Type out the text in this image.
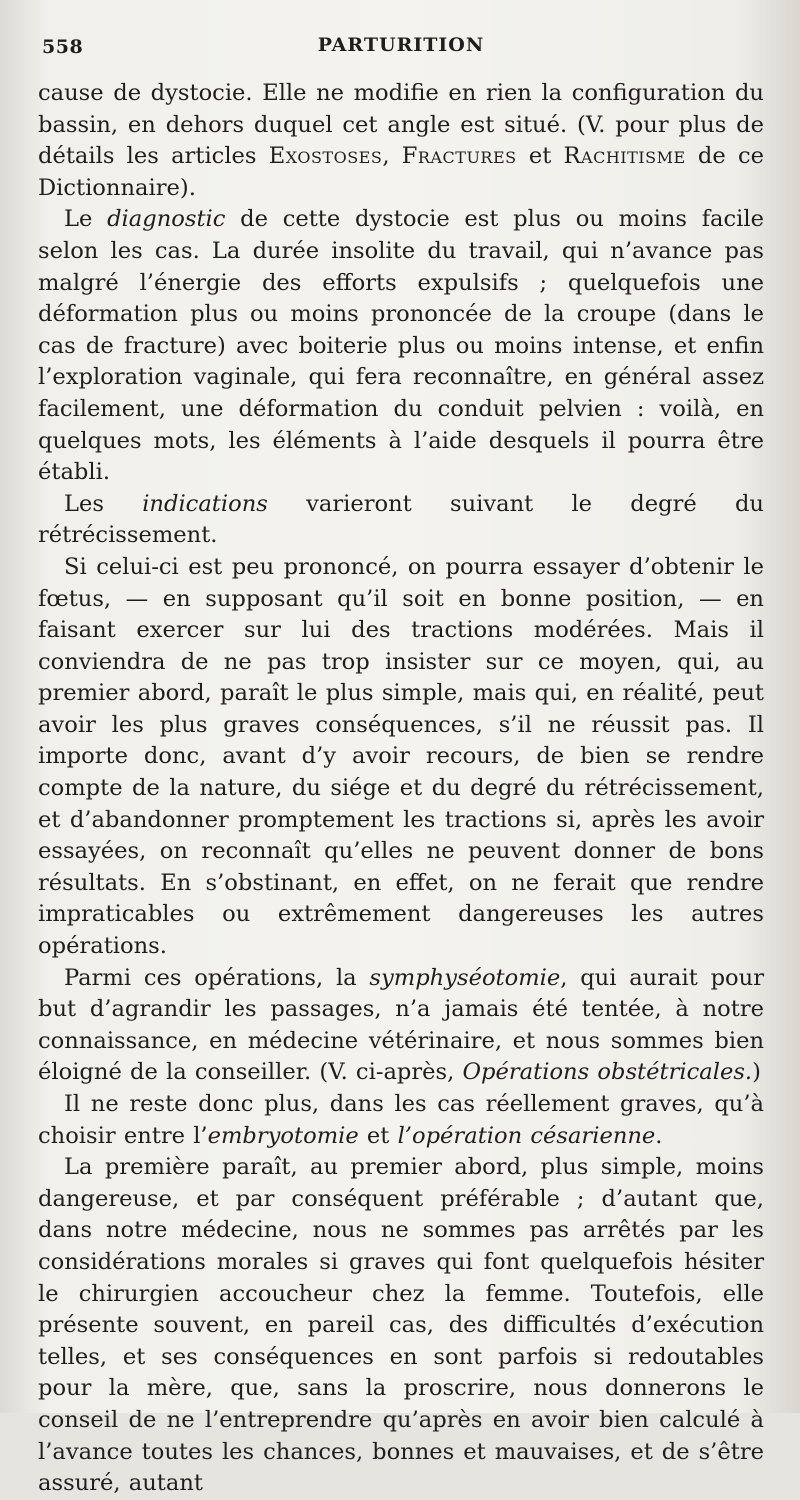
558	PARTURITION

cause de dystocie. Elle ne modifie en rien la configuration du bassin, en dehors duquel cet angle est situé. (V. pour plus de détails les articles Exostoses, Fractures et Rachitisme de ce Dictionnaire).

Le diagnostic de cette dystocie est plus ou moins facile selon les cas. La durée insolite du travail, qui n’avance pas malgré l’énergie des efforts expulsifs ; quelquefois une déformation plus ou moins prononcée de la croupe (dans le cas de fracture) avec boiterie plus ou moins intense, et enfin l’exploration vaginale, qui fera reconnaître, en général assez facilement, une déformation du conduit pelvien : voilà, en quelques mots, les éléments à l’aide desquels il pourra être établi.

Les indications varieront suivant le degré du rétrécissement.

Si celui-ci est peu prononcé, on pourra essayer d’obtenir le fœtus, — en supposant qu’il soit en bonne position, — en faisant exercer sur lui des tractions modérées. Mais il conviendra de ne pas trop insister sur ce moyen, qui, au premier abord, paraît le plus simple, mais qui, en réalité, peut avoir les plus graves conséquences, s’il ne réussit pas. Il importe donc, avant d’y avoir recours, de bien se rendre compte de la nature, du siége et du degré du rétrécissement, et d’abandonner promptement les tractions si, après les avoir essayées, on reconnaît qu’elles ne peuvent donner de bons résultats. En s’obstinant, en effet, on ne ferait que rendre impraticables ou extrêmement dangereuses les autres opérations.

Parmi ces opérations, la symphyséotomie, qui aurait pour but d’agrandir les passages, n’a jamais été tentée, à notre connaissance, en médecine vétérinaire, et nous sommes bien éloigné de la conseiller. (V. ci-après, Opérations obstétricales.)

Il ne reste donc plus, dans les cas réellement graves, qu’à choisir entre l’embryotomie et l’opération césarienne.

La première paraît, au premier abord, plus simple, moins dangereuse, et par conséquent préférable ; d’autant que, dans notre médecine, nous ne sommes pas arrêtés par les considérations morales si graves qui font quelquefois hésiter le chirurgien accoucheur chez la femme. Toutefois, elle présente souvent, en pareil cas, des difficultés d’exécution telles, et ses conséquences en sont parfois si redoutables pour la mère, que, sans la proscrire, nous donnerons le conseil de ne l’entreprendre qu’après en avoir bien calculé à l’avance toutes les chances, bonnes et mauvaises, et de s’être assuré, autant
